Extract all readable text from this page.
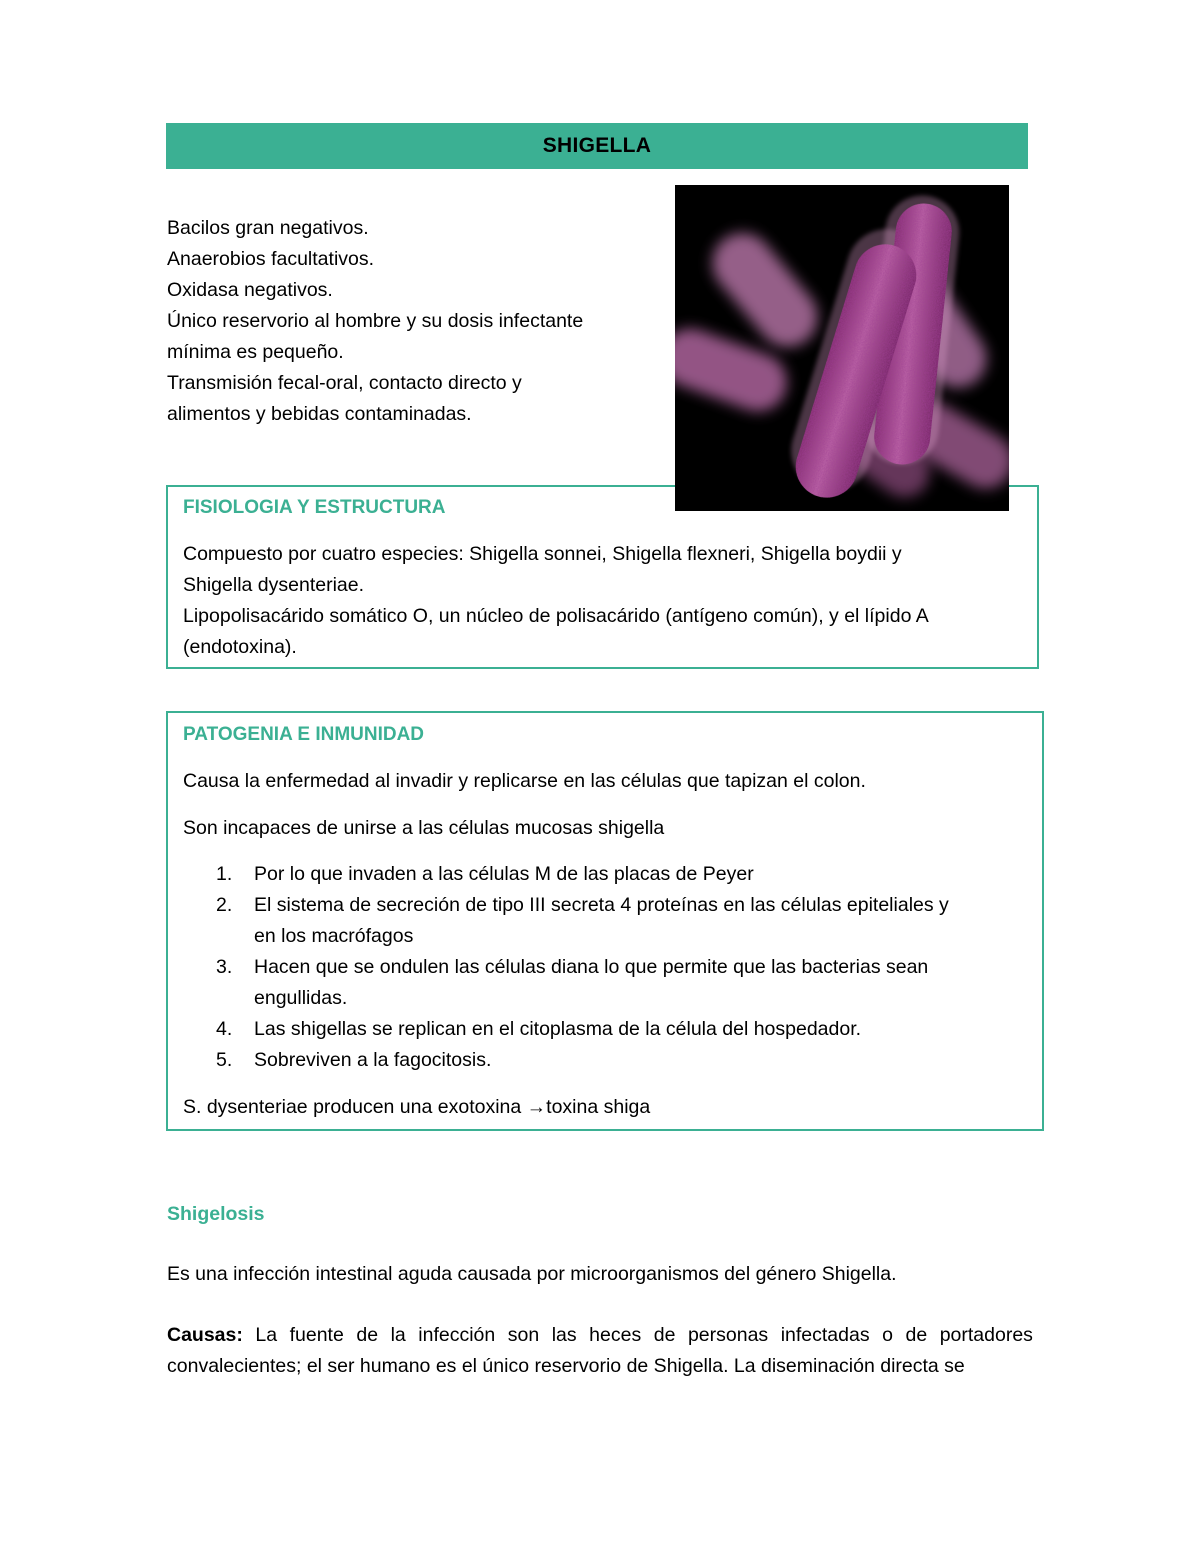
SHIGELLA
Bacilos gran negativos.
Anaerobios facultativos.
Oxidasa negativos.
Único reservorio al hombre y su dosis infectante
mínima es pequeño.
Transmisión fecal-oral, contacto directo y
alimentos y bebidas contaminadas.
FISIOLOGIA Y ESTRUCTURA
Compuesto por cuatro especies: Shigella sonnei, Shigella flexneri, Shigella boydii y
Shigella dysenteriae.
Lipopolisacárido somático O, un núcleo de polisacárido (antígeno común), y el lípido A
(endotoxina).
PATOGENIA E INMUNIDAD
Causa la enfermedad al invadir y replicarse en las células que tapizan el colon.
Son incapaces de unirse a las células mucosas shigella
1. Por lo que invaden a las células M de las placas de Peyer
2. El sistema de secreción de tipo III secreta 4 proteínas en las células epiteliales y
en los macrófagos
3. Hacen que se ondulen las células diana lo que permite que las bacterias sean
engullidas.
4. Las shigellas se replican en el citoplasma de la célula del hospedador.
5. Sobreviven a la fagocitosis.
S. dysenteriae producen una exotoxina →toxina shiga
Shigelosis
Es una infección intestinal aguda causada por microorganismos del género Shigella.
Causas: La fuente de la infección son las heces de personas infectadas o de portadores
convalecientes; el ser humano es el único reservorio de Shigella. La diseminación directa se
